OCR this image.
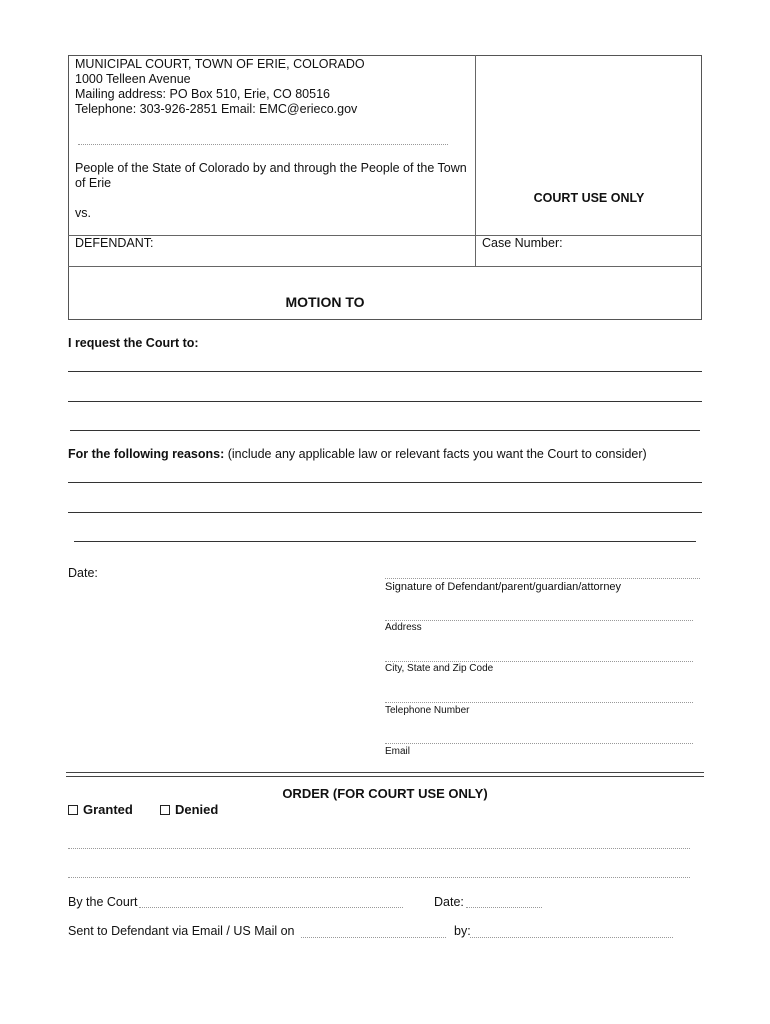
MUNICIPAL COURT, TOWN OF ERIE, COLORADO
1000 Telleen Avenue
Mailing address: PO Box 510, Erie, CO 80516
Telephone: 303-926-2851 Email: EMC@erieco.gov
People of the State of Colorado by and through the People of the Town of Erie
vs.
DEFENDANT:
COURT USE ONLY
Case Number:
MOTION TO
I request the Court to:
For the following reasons: (include any applicable law or relevant facts you want the Court to consider)
Date:
Signature of Defendant/parent/guardian/attorney
Address
City, State and Zip Code
Telephone Number
Email
ORDER (FOR COURT USE ONLY)
Granted	Denied
By the Court	Date:
Sent to Defendant via Email / US Mail on	by:
